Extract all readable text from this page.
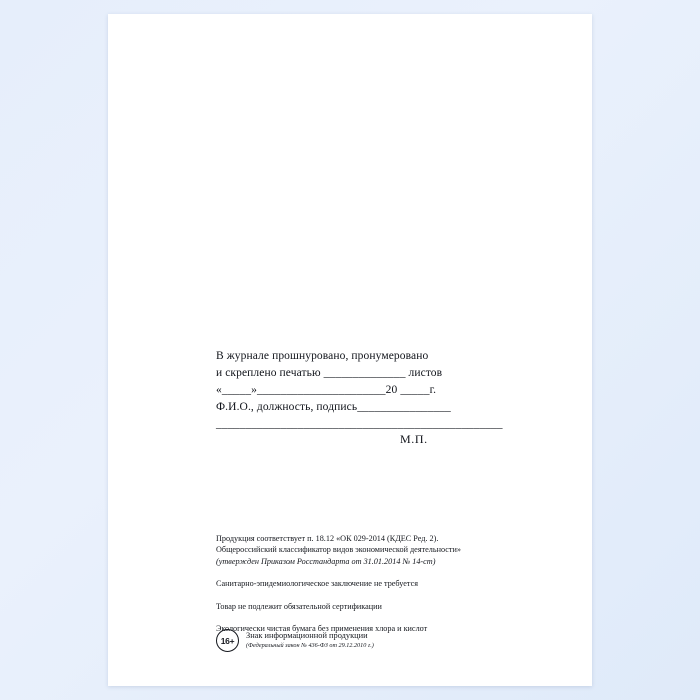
В журнале прошнуровано, пронумеровано
и скреплено печатью ______________ листов
«_____»______________________20 _____г.
Ф.И.О., должность, подпись________________
_________________________________________________
М.П.

Продукция соответствует п. 18.12 «ОК 029-2014 (КДЕС Ред. 2).

Общероссийский классификатор видов экономической деятельности»

(утвержден Приказом Росстандарта от 31.01.2014 № 14-ст)

Санитарно-эпидемиологическое заключение не требуется

Товар не подлежит обязательной сертификации

Экологически чистая бумага без применения хлора и кислот

16+	Знак информационной продукции
(Федеральный закон № 436-ФЗ от 29.12.2010 г.)
